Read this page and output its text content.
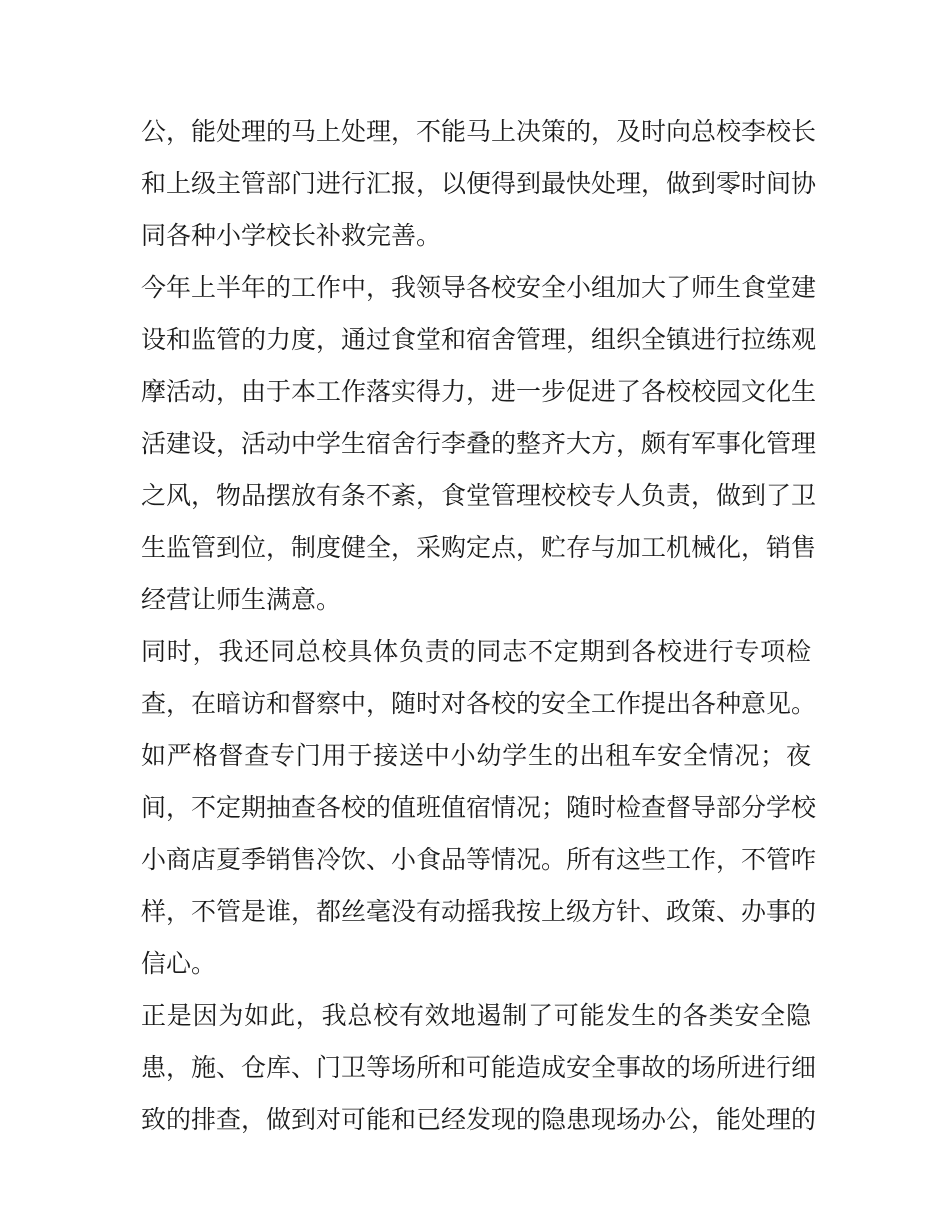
公，能处理的马上处理，不能马上决策的，及时向总校李校长
和上级主管部门进行汇报，以便得到最快处理，做到零时间协
同各种小学校长补救完善。
今年上半年的工作中，我领导各校安全小组加大了师生食堂建
设和监管的力度，通过食堂和宿舍管理，组织全镇进行拉练观
摩活动，由于本工作落实得力，进一步促进了各校校园文化生
活建设，活动中学生宿舍行李叠的整齐大方，颇有军事化管理
之风，物品摆放有条不紊，食堂管理校校专人负责，做到了卫
生监管到位，制度健全，采购定点，贮存与加工机械化，销售
经营让师生满意。
同时，我还同总校具体负责的同志不定期到各校进行专项检
查，在暗访和督察中，随时对各校的安全工作提出各种意见。
如严格督查专门用于接送中小幼学生的出租车安全情况；夜
间，不定期抽查各校的值班值宿情况；随时检查督导部分学校
小商店夏季销售冷饮、小食品等情况。所有这些工作，不管咋
样，不管是谁，都丝毫没有动摇我按上级方针、政策、办事的
信心。
正是因为如此，我总校有效地遏制了可能发生的各类安全隐
患，施、仓库、门卫等场所和可能造成安全事故的场所进行细
致的排查，做到对可能和已经发现的隐患现场办公，能处理的
